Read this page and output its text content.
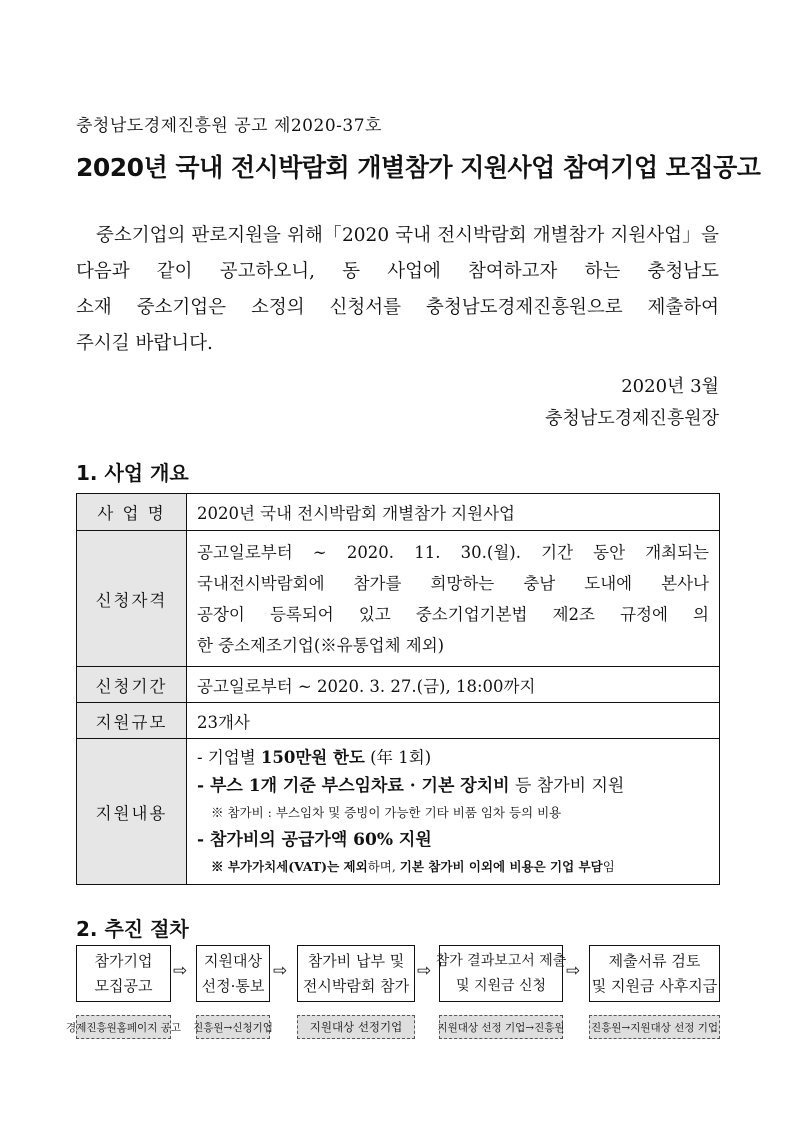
충청남도경제진흥원 공고 제2020-37호
2020년 국내 전시박람회 개별참가 지원사업 참여기업 모집공고

중소기업의 판로지원을 위해「2020 국내 전시박람회 개별참가 지원사업」을

다음과 같이 공고하오니, 동 사업에 참여하고자 하는 충청남도

소재 중소기업은 소정의 신청서를 충청남도경제진흥원으로 제출하여

주시길 바랍니다.

2020년 3월
충청남도경제진흥원장
1. 사업 개요
사 업 명	2020년 국내 전시박람회 개별참가 지원사업
신청자격	공고일로부터 ∼ 2020. 11. 30.(월). 기간 동안 개최되는
국내전시박람회에 참가를 희망하는 충남 도내에 본사나
공장이 등록되어 있고 중소기업기본법 제2조 규정에 의
한 중소제조기업(※유통업체 제외)

신청기간	공고일로부터 ~ 2020. 3. 27.(금), 18:00까지
지원규모	23개사
지원내용	- 기업별 150만원 한도 (年 1회)
- 부스 1개 기준 부스임차료 · 기본 장치비 등 참가비 지원
※ 참가비 : 부스임차 및 증빙이 가능한 기타 비품 임차 등의 비용
- 참가비의 공급가액 60% 지원
※ 부가가치세(VAT)는 제외하며, 기본 참가비 이외에 비용은 기업 부담임
2. 추진 절차
참가기업
모집공고
⇨
지원대상
선정·통보
⇨
참가비 납부 및
전시박람회 참가
⇨
참가 결과보고서 제출
및 지원금 신청
⇨
제출서류 검토
및 지원금 사후지급
경제진흥원홈페이지 공고 진흥원→신청기업	지원대상 선정기업	지원대상 선정 기업→진흥원	진흥원→지원대상 선정 기업
